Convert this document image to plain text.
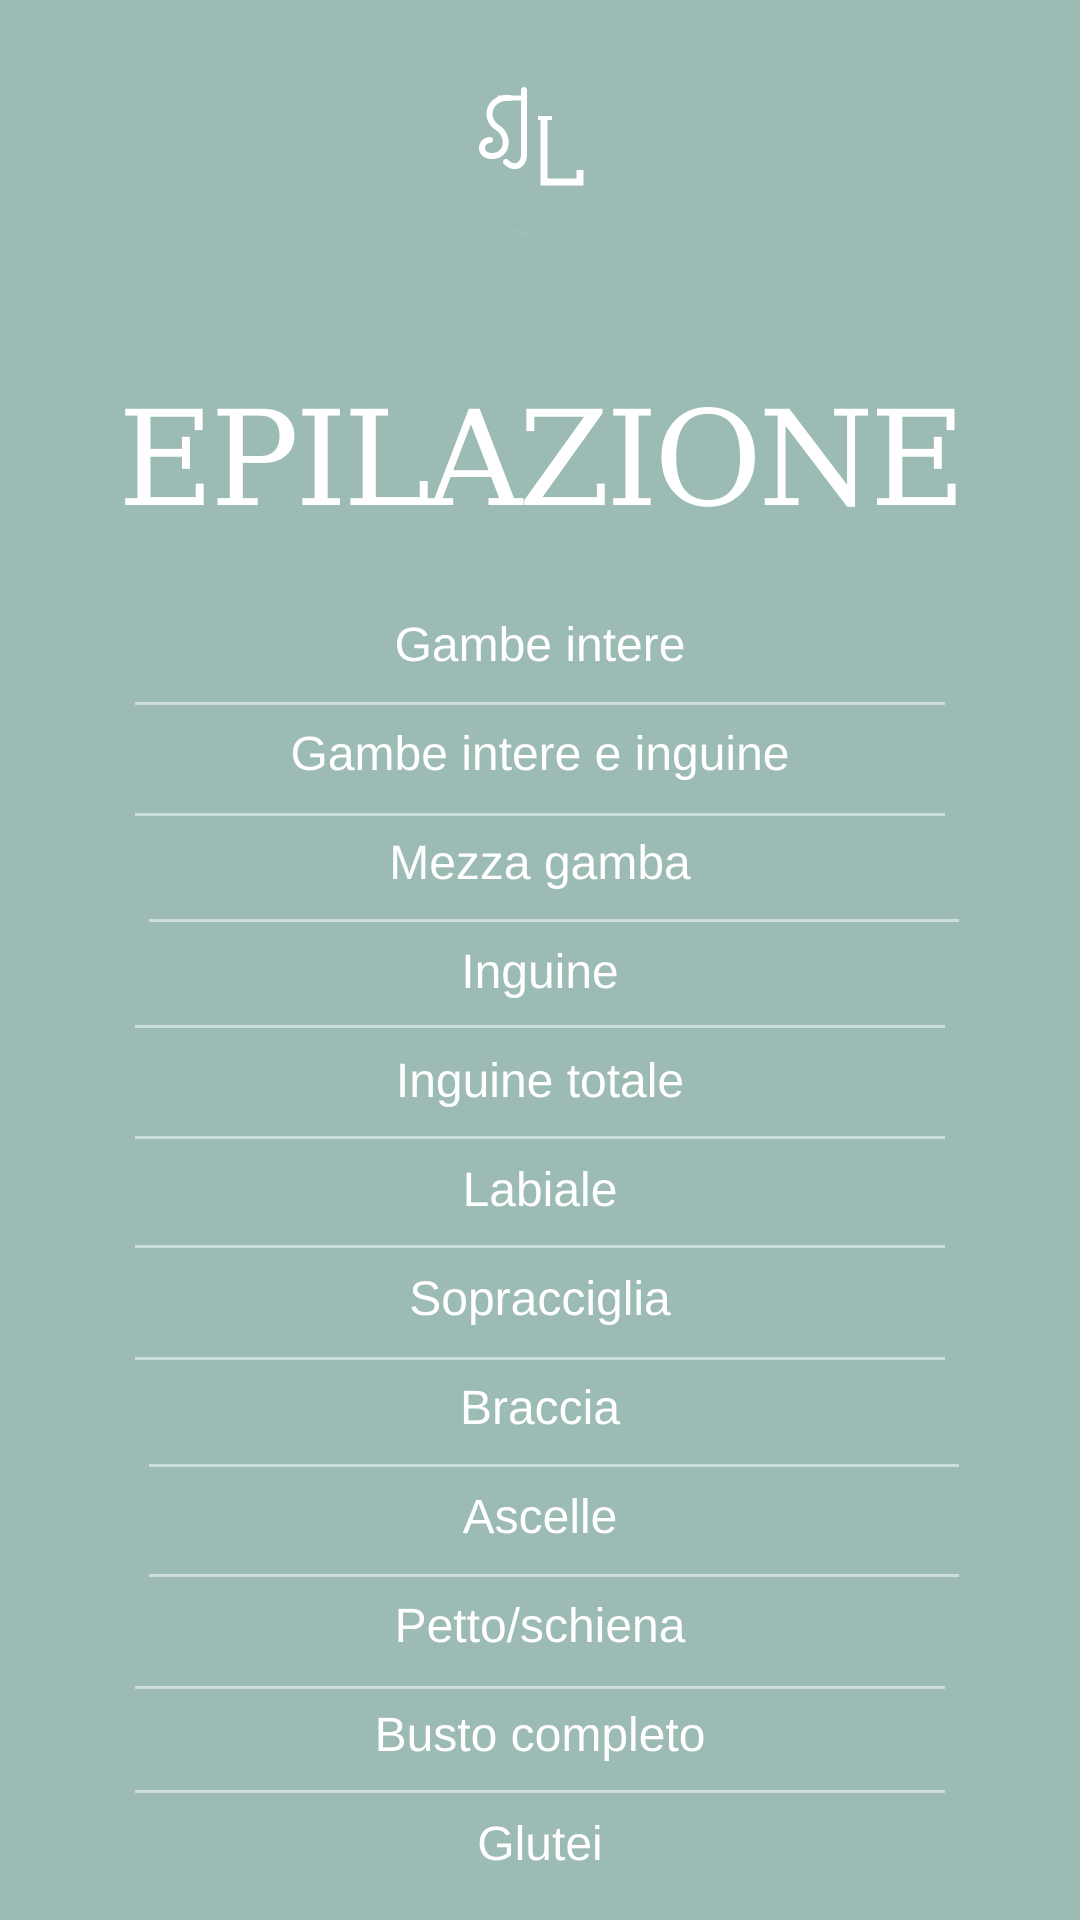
EPILAZIONE
Gambe intere
Gambe intere e inguine
Mezza gamba
Inguine
Inguine totale
Labiale
Sopracciglia
Braccia
Ascelle
Petto/schiena
Busto completo
Glutei
